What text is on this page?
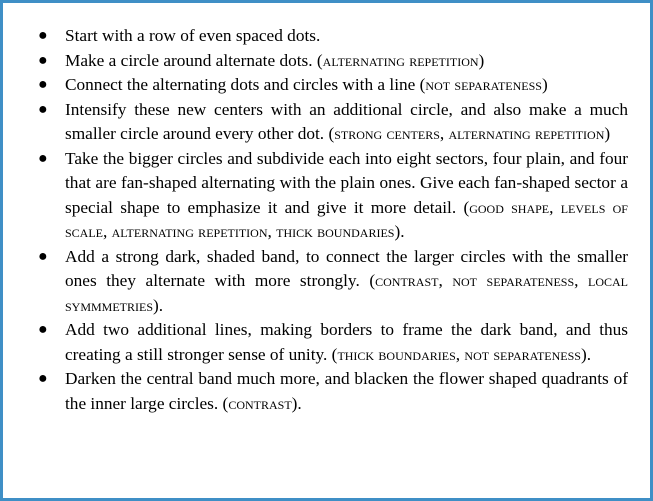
● Start with a row of even spaced dots.
● Make a circle around alternate dots. (alternating repetition)
● Connect the alternating dots and circles with a line (not separateness)
● Intensify these new centers with an additional circle, and also make a much smaller circle around every other dot. (strong centers, alternating repetition)
● Take the bigger circles and subdivide each into eight sectors, four plain, and four that are fan-shaped alternating with the plain ones. Give each fan-shaped sector a special shape to emphasize it and give it more detail. (good shape, levels of scale, alternating repetition, thick boundaries).
● Add a strong dark, shaded band, to connect the larger circles with the smaller ones they alternate with more strongly. (contrast, not separateness, local symmmetries).
● Add two additional lines, making borders to frame the dark band, and thus creating a still stronger sense of unity. (thick boundaries, not separateness).
● Darken the central band much more, and blacken the flower shaped quadrants of the inner large circles. (contrast).
